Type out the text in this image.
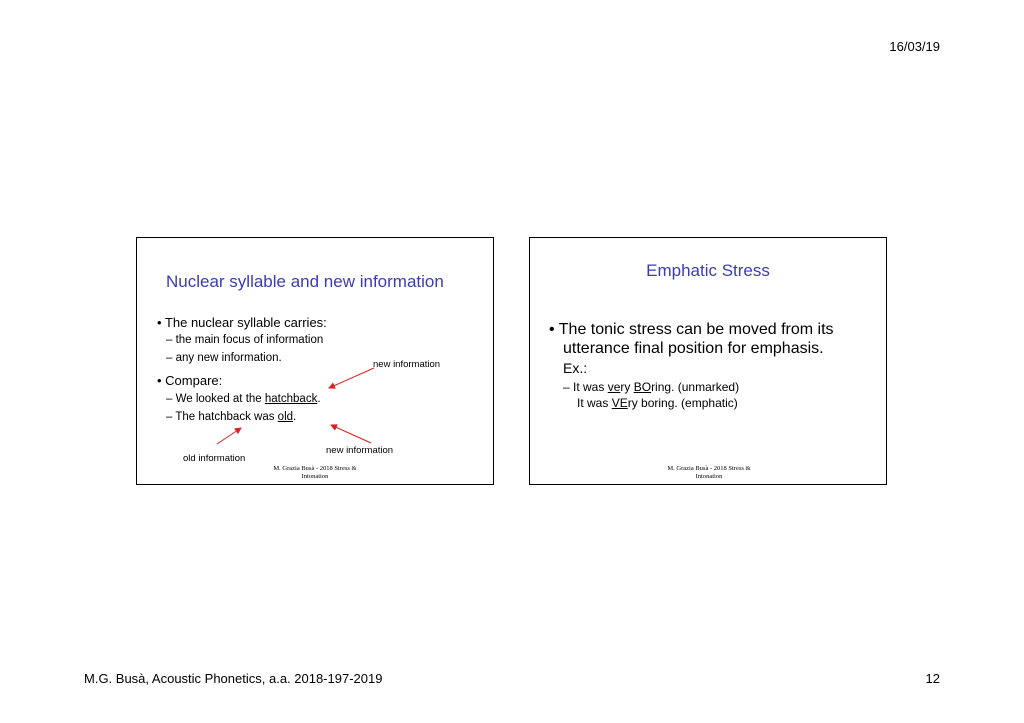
16/03/19
Nuclear syllable and new information
• The nuclear syllable carries:
– the main focus of information
– any new information.
new information
• Compare:
– We looked at the hatchback.
– The hatchback was old.
new information
old information
M. Grazia Busà - 2018 Stress &
Intonation
Emphatic Stress
• The tonic stress can be moved from its
utterance final position for emphasis.
Ex.:
– It was very BOring. (unmarked)
It was VEry boring. (emphatic)
M. Grazia Busà - 2018 Stress &
Intonation
M.G. Busà, Acoustic Phonetics, a.a. 2018-197-2019	12
